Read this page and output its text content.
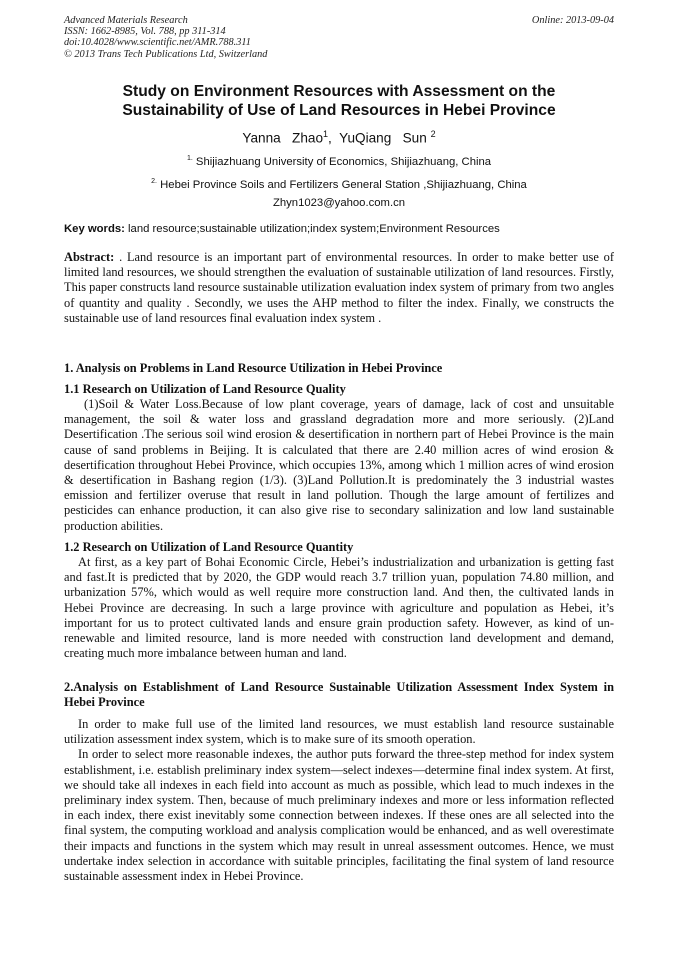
Advanced Materials Research
ISSN: 1662-8985, Vol. 788, pp 311-314
doi:10.4028/www.scientific.net/AMR.788.311
© 2013 Trans Tech Publications Ltd, Switzerland
Online: 2013-09-04
Study on Environment Resources with Assessment on the
Sustainability of Use of Land Resources in Hebei Province
Yanna   Zhao$^1$,  YuQiang   Sun $^2$
$^{1.}$ Shijiazhuang University of Economics, Shijiazhuang, China
$^{2.}$ Hebei Province Soils and Fertilizers General Station ,Shijiazhuang, China
Zhyn1023@yahoo.com.cn
Key words: land resource;sustainable utilization;index system;Environment Resources
Abstract: . Land resource is an important part of environmental resources. In order to make better use of limited land resources, we should strengthen the evaluation of sustainable utilization of land resources. Firstly, This paper constructs land resource sustainable utilization evaluation index system of primary from two angles of quantity and quality . Secondly, we uses the AHP method to filter the index. Finally, we constructs the sustainable use of land resources final evaluation index system .
1. Analysis on Problems in Land Resource Utilization in Hebei Province
1.1 Research on Utilization of Land Resource Quality

(1)Soil & Water Loss.Because of low plant coverage, years of damage, lack of cost and unsuitable management, the soil & water loss and grassland degradation more and more seriously. (2)Land Desertification .The serious soil wind erosion & desertification in northern part of Hebei Province is the main cause of sand problems in Beijing. It is calculated that there are 2.40 million acres of wind erosion & desertification throughout Hebei Province, which occupies 13%, among which 1 million acres of wind erosion & desertification in Bashang region (1/3). (3)Land Pollution.It is predominately the 3 industrial wastes emission and fertilizer overuse that result in land pollution. Though the large amount of fertilizes and pesticides can enhance production, it can also give rise to secondary salinization and low land sustainable production abilities.

1.2 Research on Utilization of Land Resource Quantity

At first, as a key part of Bohai Economic Circle, Hebei’s industrialization and urbanization is getting fast and fast.It is predicted that by 2020, the GDP would reach 3.7 trillion yuan, population 74.80 million, and urbanization 57%, which would as well require more construction land. And then, the cultivated lands in Hebei Province are decreasing. In such a large province with agriculture and population as Hebei, it’s important for us to protect cultivated lands and ensure grain production safety. However, as kind of un-renewable and limited resource, land is more needed with construction land development and demand, creating much more imbalance between human and land.

2.Analysis on Establishment of Land Resource Sustainable Utilization Assessment Index System in Hebei Province

In order to make full use of the limited land resources, we must establish land resource sustainable utilization assessment index system, which is to make sure of its smooth operation.

In order to select more reasonable indexes, the author puts forward the three-step method for index system establishment, i.e. establish preliminary index system—select indexes—determine final index system. At first, we should take all indexes in each field into account as much as possible, which lead to much indexes in the preliminary index system. Then, because of much preliminary indexes and more or less information reflected in each index, there exist inevitably some connection between indexes. If these ones are all selected into the final system, the computing workload and analysis complication would be enhanced, and as well overestimate their impacts and functions in the system which may result in unreal assessment outcomes. Hence, we must undertake index selection in accordance with suitable principles, facilitating the final system of land resource sustainable assessment index in Hebei Province.
